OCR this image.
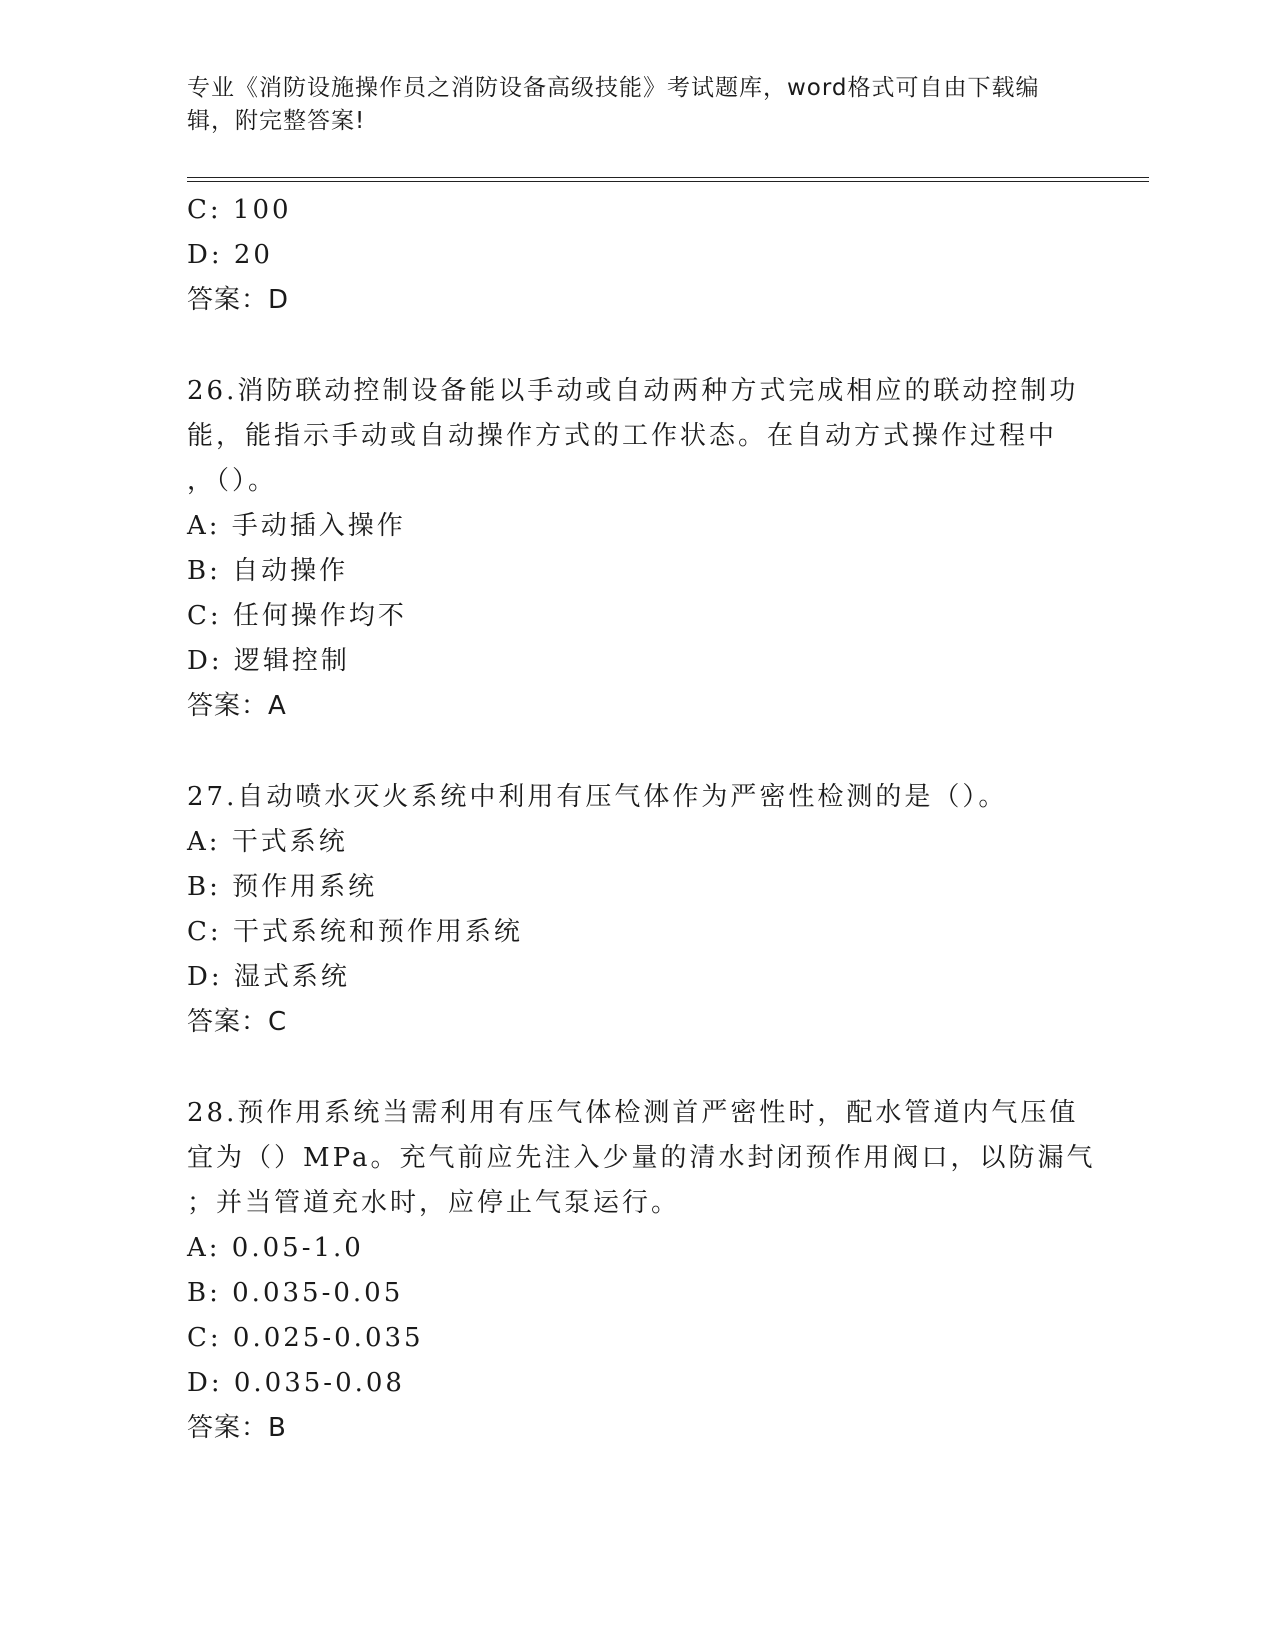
专业《消防设施操作员之消防设备高级技能》考试题库，word格式可自由下载编
辑，附完整答案!
C: 100
D: 20
答案：D
26.消防联动控制设备能以手动或自动两种方式完成相应的联动控制功
能，能指示手动或自动操作方式的工作状态。在自动方式操作过程中
，（）。
A: 手动插入操作
B: 自动操作
C: 任何操作均不
D: 逻辑控制
答案：A
27.自动喷水灭火系统中利用有压气体作为严密性检测的是（）。
A: 干式系统
B: 预作用系统
C: 干式系统和预作用系统
D: 湿式系统
答案：C
28.预作用系统当需利用有压气体检测首严密性时，配水管道内气压值
宜为（）MPa。充气前应先注入少量的清水封闭预作用阀口，以防漏气
；并当管道充水时，应停止气泵运行。
A: 0.05-1.0
B: 0.035-0.05
C: 0.025-0.035
D: 0.035-0.08
答案：B
